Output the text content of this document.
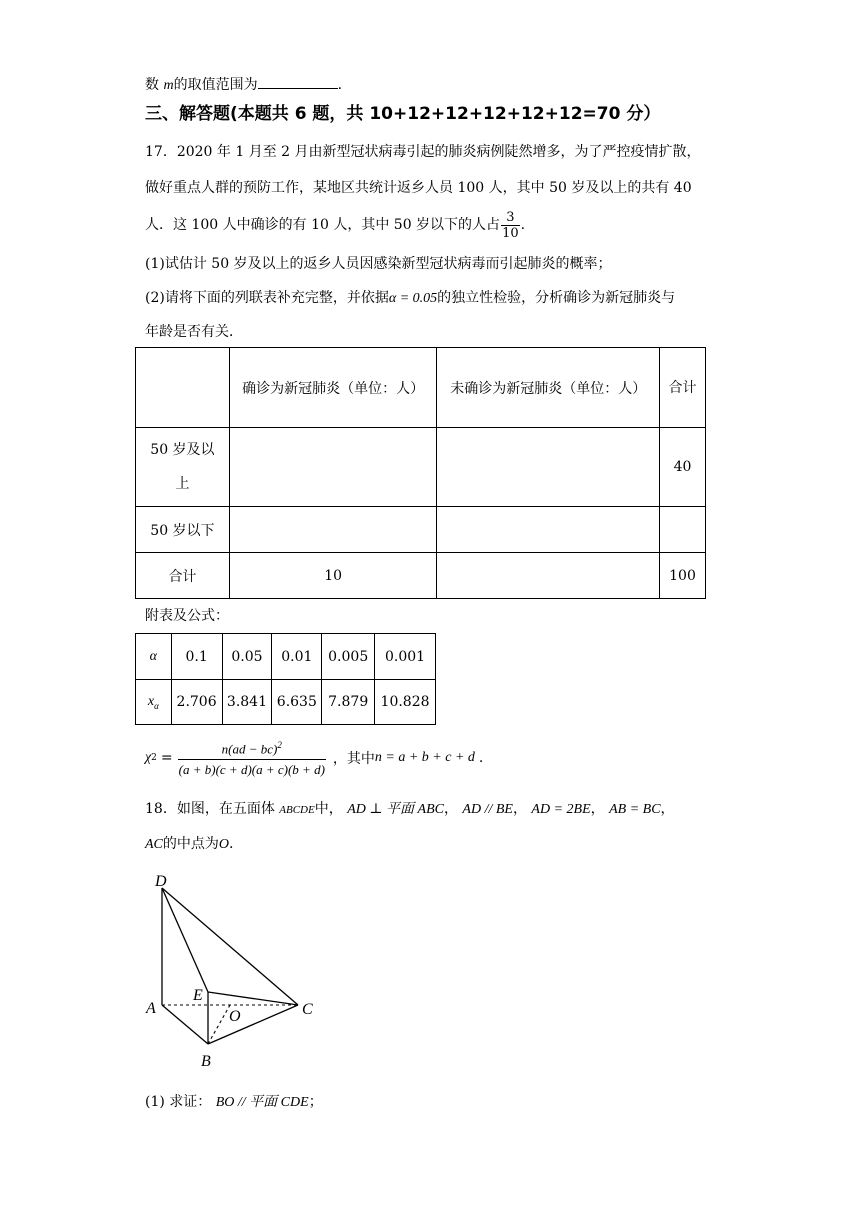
数 m的取值范围为	.
三、解答题(本题共 6 题，共 10+12+12+12+12+12=70 分）
17．2020 年 1 月至 2 月由新型冠状病毒引起的肺炎病例陡然增多，为了严控疫情扩散，
做好重点人群的预防工作，某地区共统计返乡人员 100 人，其中 50 岁及以上的共有 40
人．这 100 人中确诊的有 10 人，其中 50 岁以下的人占 $\frac{3}{10}$ .
(1)试估计 50 岁及以上的返乡人员因感染新型冠状病毒而引起肺炎的概率；
(2)请将下面的列联表补充完整，并依据α = 0.05的独立性检验，分析确诊为新冠肺炎与
年龄是否有关．
	确诊为新冠肺炎（单位：人）	未确诊为新冠肺炎（单位：人）	合计
50 岁及以上			40
50 岁以下			
合计	10		100
附表及公式：
α	0.1	0.05	0.01	0.005	0.001
$x_\alpha$	2.706	3.841	6.635	7.879	10.828
χ $2 = \frac{n(ad - bc)^2}{(a + b)(c + d)(a + c)(b + d)}$ ，其中 n = a + b + c + d .
18．如图，在五面体 ABCDE中， AD ⊥ 平面 ABC， AD // BE， AD = 2BE， AB = BC，
AC的中点为O.
D
A
E
O	C
B
(1) 求证： BO // 平面 CDE；
